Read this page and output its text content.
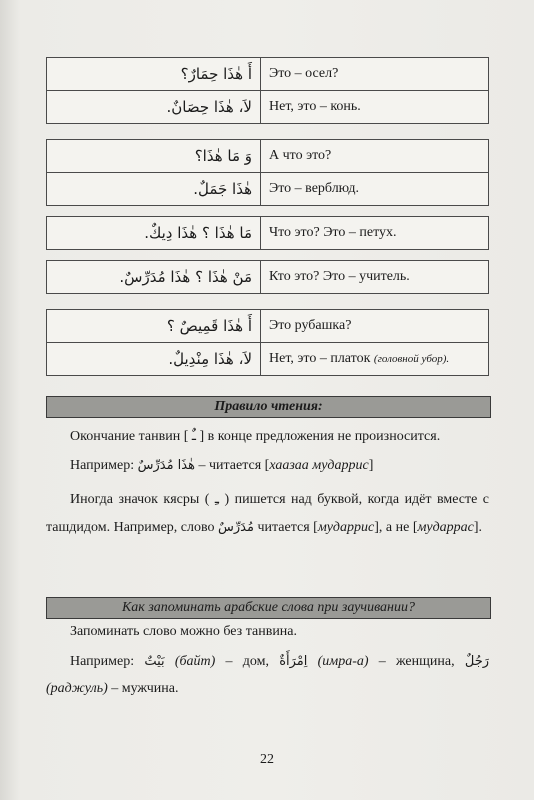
أَ هٰذَا حِمَارٌ؟	Это – осел?
لاَ، هٰذَا حِصَانٌ.	Нет, это – конь.
وَ مَا هٰذَا؟	А что это?
هٰذَا جَمَلٌ.	Это – верблюд.
مَا هٰذَا ؟ هٰذَا دِيكٌ.	Что это? Это – петух.
مَنْ هٰذَا ؟ هٰذَا مُدَرِّسٌ.	Кто это? Это – учитель.
أَ هٰذَا قَمِيصٌ ؟	Это рубашка?
لاَ، هٰذَا مِنْدِيلٌ.	Нет, это – платок (головной убор).
Правило чтения:

Окончание танвин [ ـٌ ] в конце предложения не произносится.

Например: هٰذَا مُدَرِّسٌ – читается [хаазаа мударрис]

Иногда значок кясры ( ـِ ) пишется над буквой, когда идёт вместе с ташдидом. Например, слово مُدَرِّسٌ читается [мударрис], а не [мударрас].

Как запоминать арабские слова при заучивании?

Запоминать слово можно без танвина.

Например: بَيْتٌ (байт) – дом, اِمْرَأَةٌ (имра-а) – женщина, رَجُلٌ (раджуль) – мужчина.

22
